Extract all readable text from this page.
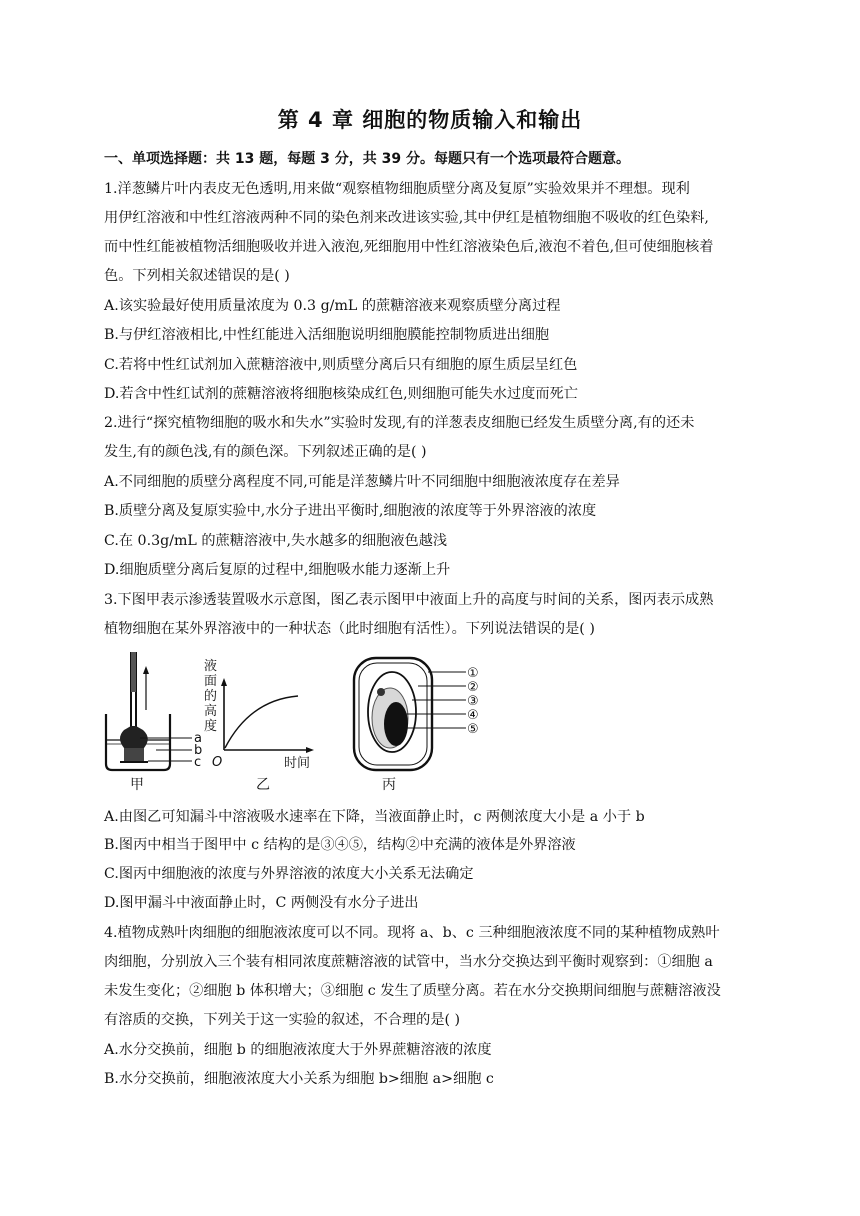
第 4 章 细胞的物质输入和输出
一、单项选择题：共 13 题，每题 3 分，共 39 分。每题只有一个选项最符合题意。
1.洋葱鳞片叶内表皮无色透明,用来做“观察植物细胞质壁分离及复原”实验效果并不理想。现利
用伊红溶液和中性红溶液两种不同的染色剂来改进该实验,其中伊红是植物细胞不吸收的红色染料,
而中性红能被植物活细胞吸收并进入液泡,死细胞用中性红溶液染色后,液泡不着色,但可使细胞核着
色。下列相关叙述错误的是( )
A.该实验最好使用质量浓度为 0.3 g/mL 的蔗糖溶液来观察质壁分离过程
B.与伊红溶液相比,中性红能进入活细胞说明细胞膜能控制物质进出细胞
C.若将中性红试剂加入蔗糖溶液中,则质壁分离后只有细胞的原生质层呈红色
D.若含中性红试剂的蔗糖溶液将细胞核染成红色,则细胞可能失水过度而死亡
2.进行“探究植物细胞的吸水和失水”实验时发现,有的洋葱表皮细胞已经发生质壁分离,有的还未
发生,有的颜色浅,有的颜色深。下列叙述正确的是( )
A.不同细胞的质壁分离程度不同,可能是洋葱鳞片叶不同细胞中细胞液浓度存在差异
B.质壁分离及复原实验中,水分子进出平衡时,细胞液的浓度等于外界溶液的浓度
C.在 0.3g/mL 的蔗糖溶液中,失水越多的细胞液色越浅
D.细胞质壁分离后复原的过程中,细胞吸水能力逐渐上升
3.下图甲表示渗透装置吸水示意图，图乙表示图甲中液面上升的高度与时间的关系，图丙表示成熟
植物细胞在某外界溶液中的一种状态（此时细胞有活性）。下列说法错误的是( )
a
b
c
甲
液
面
的
高
度
O	时间
乙
①
②
③
④
⑤
丙
A.由图乙可知漏斗中溶液吸水速率在下降，当液面静止时，c 两侧浓度大小是 a 小于 b
B.图丙中相当于图甲中 c 结构的是③④⑤，结构②中充满的液体是外界溶液
C.图丙中细胞液的浓度与外界溶液的浓度大小关系无法确定
D.图甲漏斗中液面静止时，C 两侧没有水分子进出
4.植物成熟叶肉细胞的细胞液浓度可以不同。现将 a、b、c 三种细胞液浓度不同的某种植物成熟叶
肉细胞，分别放入三个装有相同浓度蔗糖溶液的试管中，当水分交换达到平衡时观察到：①细胞 a
未发生变化；②细胞 b 体积增大；③细胞 c 发生了质壁分离。若在水分交换期间细胞与蔗糖溶液没
有溶质的交换，下列关于这一实验的叙述，不合理的是( )
A.水分交换前，细胞 b 的细胞液浓度大于外界蔗糖溶液的浓度
B.水分交换前，细胞液浓度大小关系为细胞 b>细胞 a>细胞 c
